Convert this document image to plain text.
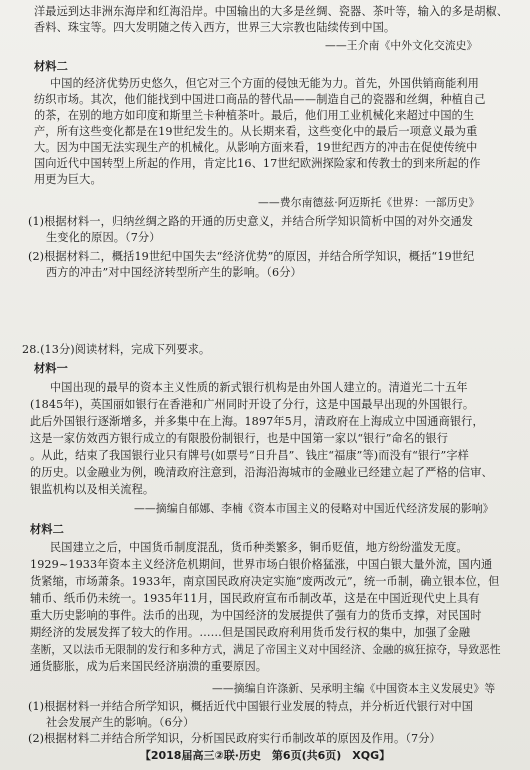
洋最远到达非洲东海岸和红海沿岸。中国输出的大多是丝绸、瓷器、茶叶等，输入的多是胡椒、
香料、珠宝等。四大发明随之传入西方，世界三大宗教也陆续传到中国。
——王介南《中外文化交流史》
材料二
中国的经济优势历史悠久，但它对三个方面的侵蚀无能为力。首先，外国供销商能利用
纺织市场。其次，他们能找到中国进口商品的替代品——制造自己的瓷器和丝绸，种植自己
的茶，在别的地方如印度和斯里兰卡种植茶叶。最后，他们用工业机械化来超过中国的生
产，所有这些变化都是在19世纪发生的。从长期来看，这些变化中的最后一项意义最为重
大。因为中国无法实现生产的机械化。从影响方面来看，19世纪西方的冲击在促使传统中
国向近代中国转型上所起的作用，肯定比16、17世纪欧洲探险家和传教士的到来所起的作
用更为巨大。
——费尔南德兹·阿迈斯托《世界：一部历史》
(1)根据材料一，归纳丝绸之路的开通的历史意义，并结合所学知识简析中国的对外交通发
生变化的原因。（7分）
(2)根据材料二，概括19世纪中国失去“经济优势”的原因，并结合所学知识，概括“19世纪
西方的冲击”对中国经济转型所产生的影响。（6分）
28.(13分)阅读材料，完成下列要求。
材料一
中国出现的最早的资本主义性质的新式银行机构是由外国人建立的。清道光二十五年
(1845年)，英国丽如银行在香港和广州同时开设了分行，这是中国最早出现的外国银行。
此后外国银行逐渐增多，并多集中在上海。1897年5月，清政府在上海成立中国通商银行，
这是一家仿效西方银行成立的有限股份制银行，也是中国第一家以“银行”命名的银行
。从此，结束了我国银行业只有牌号(如票号“日升昌”、钱庄“福康”等)而没有“银行”字样
的历史。以金融业为例，晚清政府注意到，沿海沿海城市的金融业已经建立起了严格的信审、
银监机构以及相关流程。
——摘编自郁娜、李楠《资本市国主义的侵略对中国近代经济发展的影响》
材料二
民国建立之后，中国货币制度混乱，货币种类繁多，铜币贬值，地方纷纷滥发无度。
1929~1933年资本主义经济危机期间，世界市场白银价格猛涨，中国白银大量外流，国内通
货紧缩，市场萧条。1933年，南京国民政府决定实施“废两改元”，统一币制，确立银本位，但
辅币、纸币仍未统一。1935年11月，国民政府宣布币制改革，这是在中国近现代史上具有
重大历史影响的事件。法币的出现，为中国经济的发展提供了强有力的货币支撑，对民国时
期经济的发展发挥了较大的作用。……但是国民政府利用货币发行权的集中，加强了金融
垄断，又以法币无限制的发行和多种方式，满足了帝国主义对中国经济、金融的疯狂掠夺，导致恶性
通货膨胀，成为后来国民经济崩溃的重要原因。
——摘编自许涤新、吴承明主编《中国资本主义发展史》等
(1)根据材料一并结合所学知识，概括近代中国银行业发展的特点，并分析近代银行对中国
社会发展产生的影响。（6分）
(2)根据材料二并结合所学知识，分析国民政府实行币制改革的原因及作用。（7分）
【2018届高三②联·历史　第6页(共6页)　XQG】
